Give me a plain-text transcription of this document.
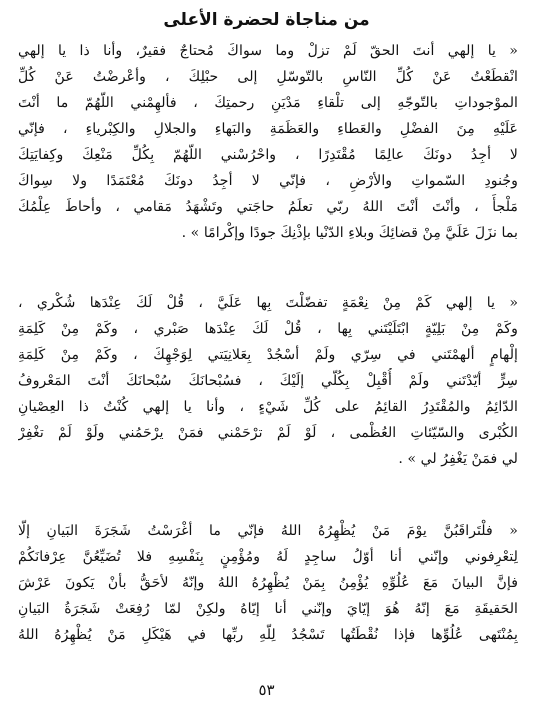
من مناجاة لحضرة الأعلى
« يا إلهي أنتَ الحقّ لَمْ تزلْ وما سواكَ مُحتاجٌ فقيرٌ، وأنا ذا يا إلهي
انْقطَعْتُ عَنْ كُلِّ النّاسِ بالتّوسّلِ إلى حبْلِكَ ، وأعْرضْتُ عَنْ كُلِّ
الموْجوداتِ بالتّوجّهِ إلى تلْقاءِ مَدْيَنِ رحمتِكَ ، فألهِمْني اللّهُمّ ما أنْتَ
عَلَيْهِ مِنَ الفضْلِ والعَطاءِ والعَظَمَةِ والبَهاءِ والجلالِ والكِبْرياءِ ، فإنّي
لا أجِدُ دونَكَ عالِمًا مُقْتَدِرًا ، واحْرُسْني اللّهُمّ بِكُلِّ مَنْعِكَ وكِفايَتِكَ
وجُنودِ السّمواتِ والأرْضِ ، فإنّي لا أجِدُ دونَكَ مُعْتَمَدًا ولا سِواكَ
مَلْجأً ، وأنْتَ أنْتَ اللهُ ربّي تعلَمُ حاجَتي وتَشْهَدُ مَقامي ، وأحاطَ عِلْمُكَ
بما نزَلَ عَلَيَّ مِنْ قضائِكَ وبلاءِ الدّنْيا بإذْنِكَ جودًا وإكْرامًا » .
« يا إلهي كَمْ مِنْ نِعْمَةٍ تفضّلْتَ بِها عَلَيَّ ، قُلْ لَكَ عِنْدَها شُكْري ،
وكَمْ مِنْ بَلِيّةٍ ابْتَلَيْتَني بِها ، قُلْ لَكَ عِنْدَها صَبْري ، وكَمْ مِنْ كَلِمَةِ
إلْهامٍ ألهمْتَني في سِرّي ولَمْ أسْجُدْ بِعَلانِيَتي لِوَجْهِكَ ، وكَمْ مِنْ كَلِمَةِ
سِرٍّ أيّدْتَني ولَمْ أُقْبِلْ بِكُلّي إلَيْكَ ، فسُبْحانَكَ سُبْحانَكَ أنْتَ المَعْروفُ
الدّائِمُ والمُقْتَدِرُ القائِمُ على كُلِّ شَيْءٍ ، وأنا يا إلهي كُنْتُ ذا العِصْيانِ
الكُبْرى والسّيّئاتِ العُظْمى ، لَوْ لَمْ ترْحَمْني فمَنْ يرْحَمُني ولَوْ لَمْ تغْفِرْ
لي فمَنْ يَغْفِرُ لي » .
« فلْتَراقَبُنَّ يوْمَ مَنْ يُظْهِرُهُ اللهُ فإنّي ما أغْرَسْتُ شَجَرَةَ البَيانِ إلّا
لِتعْرِفوني وإنّني أنا أوّلُ ساجِدٍ لَهُ ومُؤْمِنٍ بِنَفْسِهِ فلا تُضَيِّعُنَّ عِرْفانَكُمْ
فإنَّ البيانَ مَعَ عُلُوِّهِ يُؤْمِنُ بِمَنْ يُظْهِرُهُ اللهُ وإنّهُ لأحَقُّ بأنْ يَكونَ عَرْشَ
الحَقيقَةِ مَعَ إنّهُ هُوَ إيّايَ وإنّني أنا إيّاهُ ولكِنْ لمّا رُفِعَتْ شَجَرَةُ البَيانِ
بِمُنْتَهى عُلُوِّها فإذا نُقْطَتُها تَسْجُدُ لِلّهِ ربِّها في هَيْكَلِ مَنْ يُظْهِرُهُ اللهُ
٥٣
